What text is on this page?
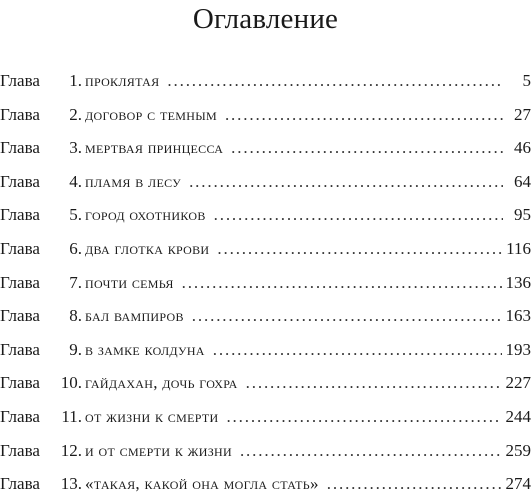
Оглавление
Глава	1. проклятая . . .	5
Глава	2. договор с темным . . .	27
Глава	3. мертвая принцесса . . .	46
Глава	4. пламя в лесу . . .	64
Глава	5. город охотников . . .	95
Глава	6. два глотка крови . . .	116
Глава	7. почти семья . . .	136
Глава	8. бал вампиров . . .	163
Глава	9. в замке колдуна . . .	193
Глава	10. гайдахан, дочь гохра . . .	227
Глава	11. от жизни к смерти . . .	244
Глава	12. и от смерти к жизни . . .	259
Глава	13. «такая, какой она могла стать» . . .	274
